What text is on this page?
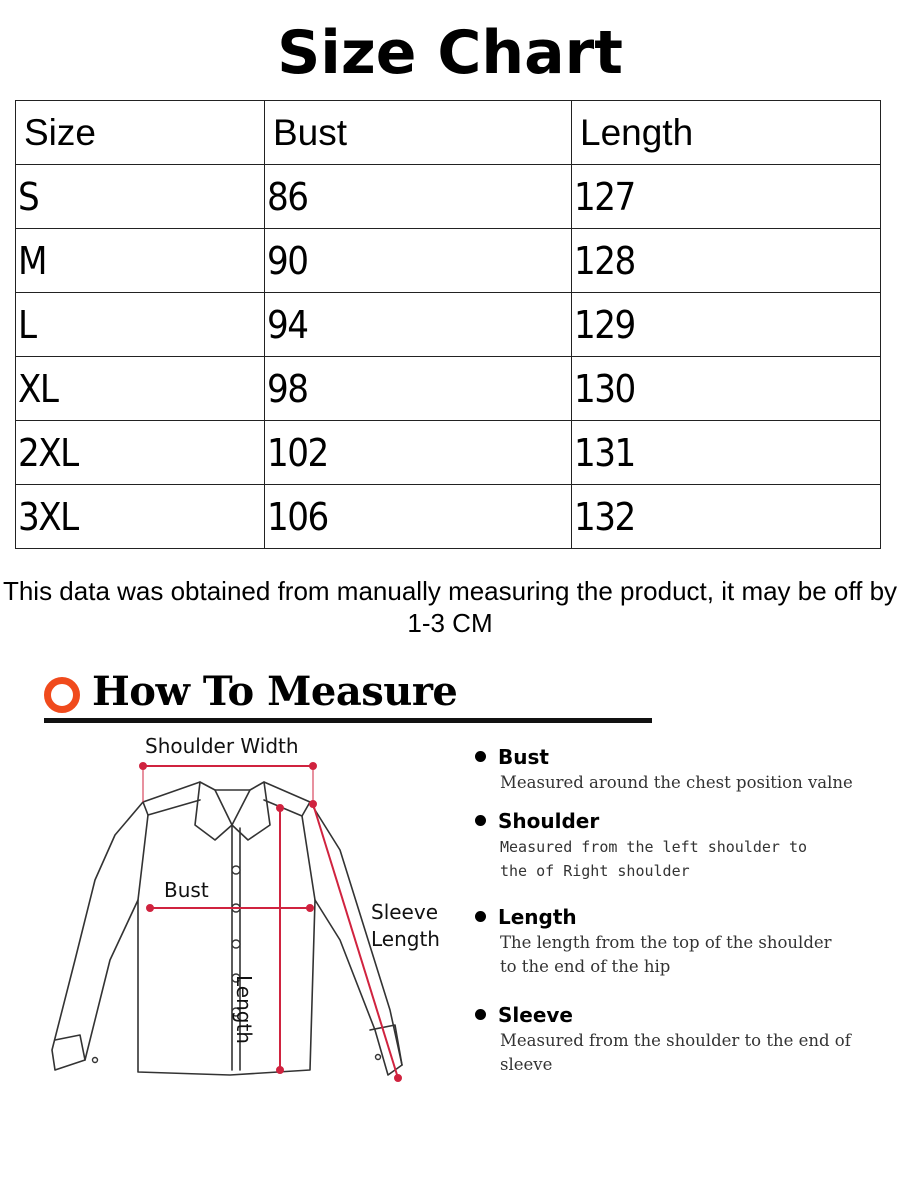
Size Chart
Size	Bust	Length
S	86	127
M	90	128
L	94	129
XL	98	130
2XL	102	131
3XL	106	132
This data was obtained from manually measuring the product, it may be off by 1-3 CM
How To Measure
Shoulder Width
Bust
Sleeve
Length
Length
Bust
Measured around the chest position valne
Shoulder
Measured from the left shoulder to the of Right shoulder
Length
The length from the top of the shoulder to the end of the hip
Sleeve
Measured from the shoulder to the end of sleeve
